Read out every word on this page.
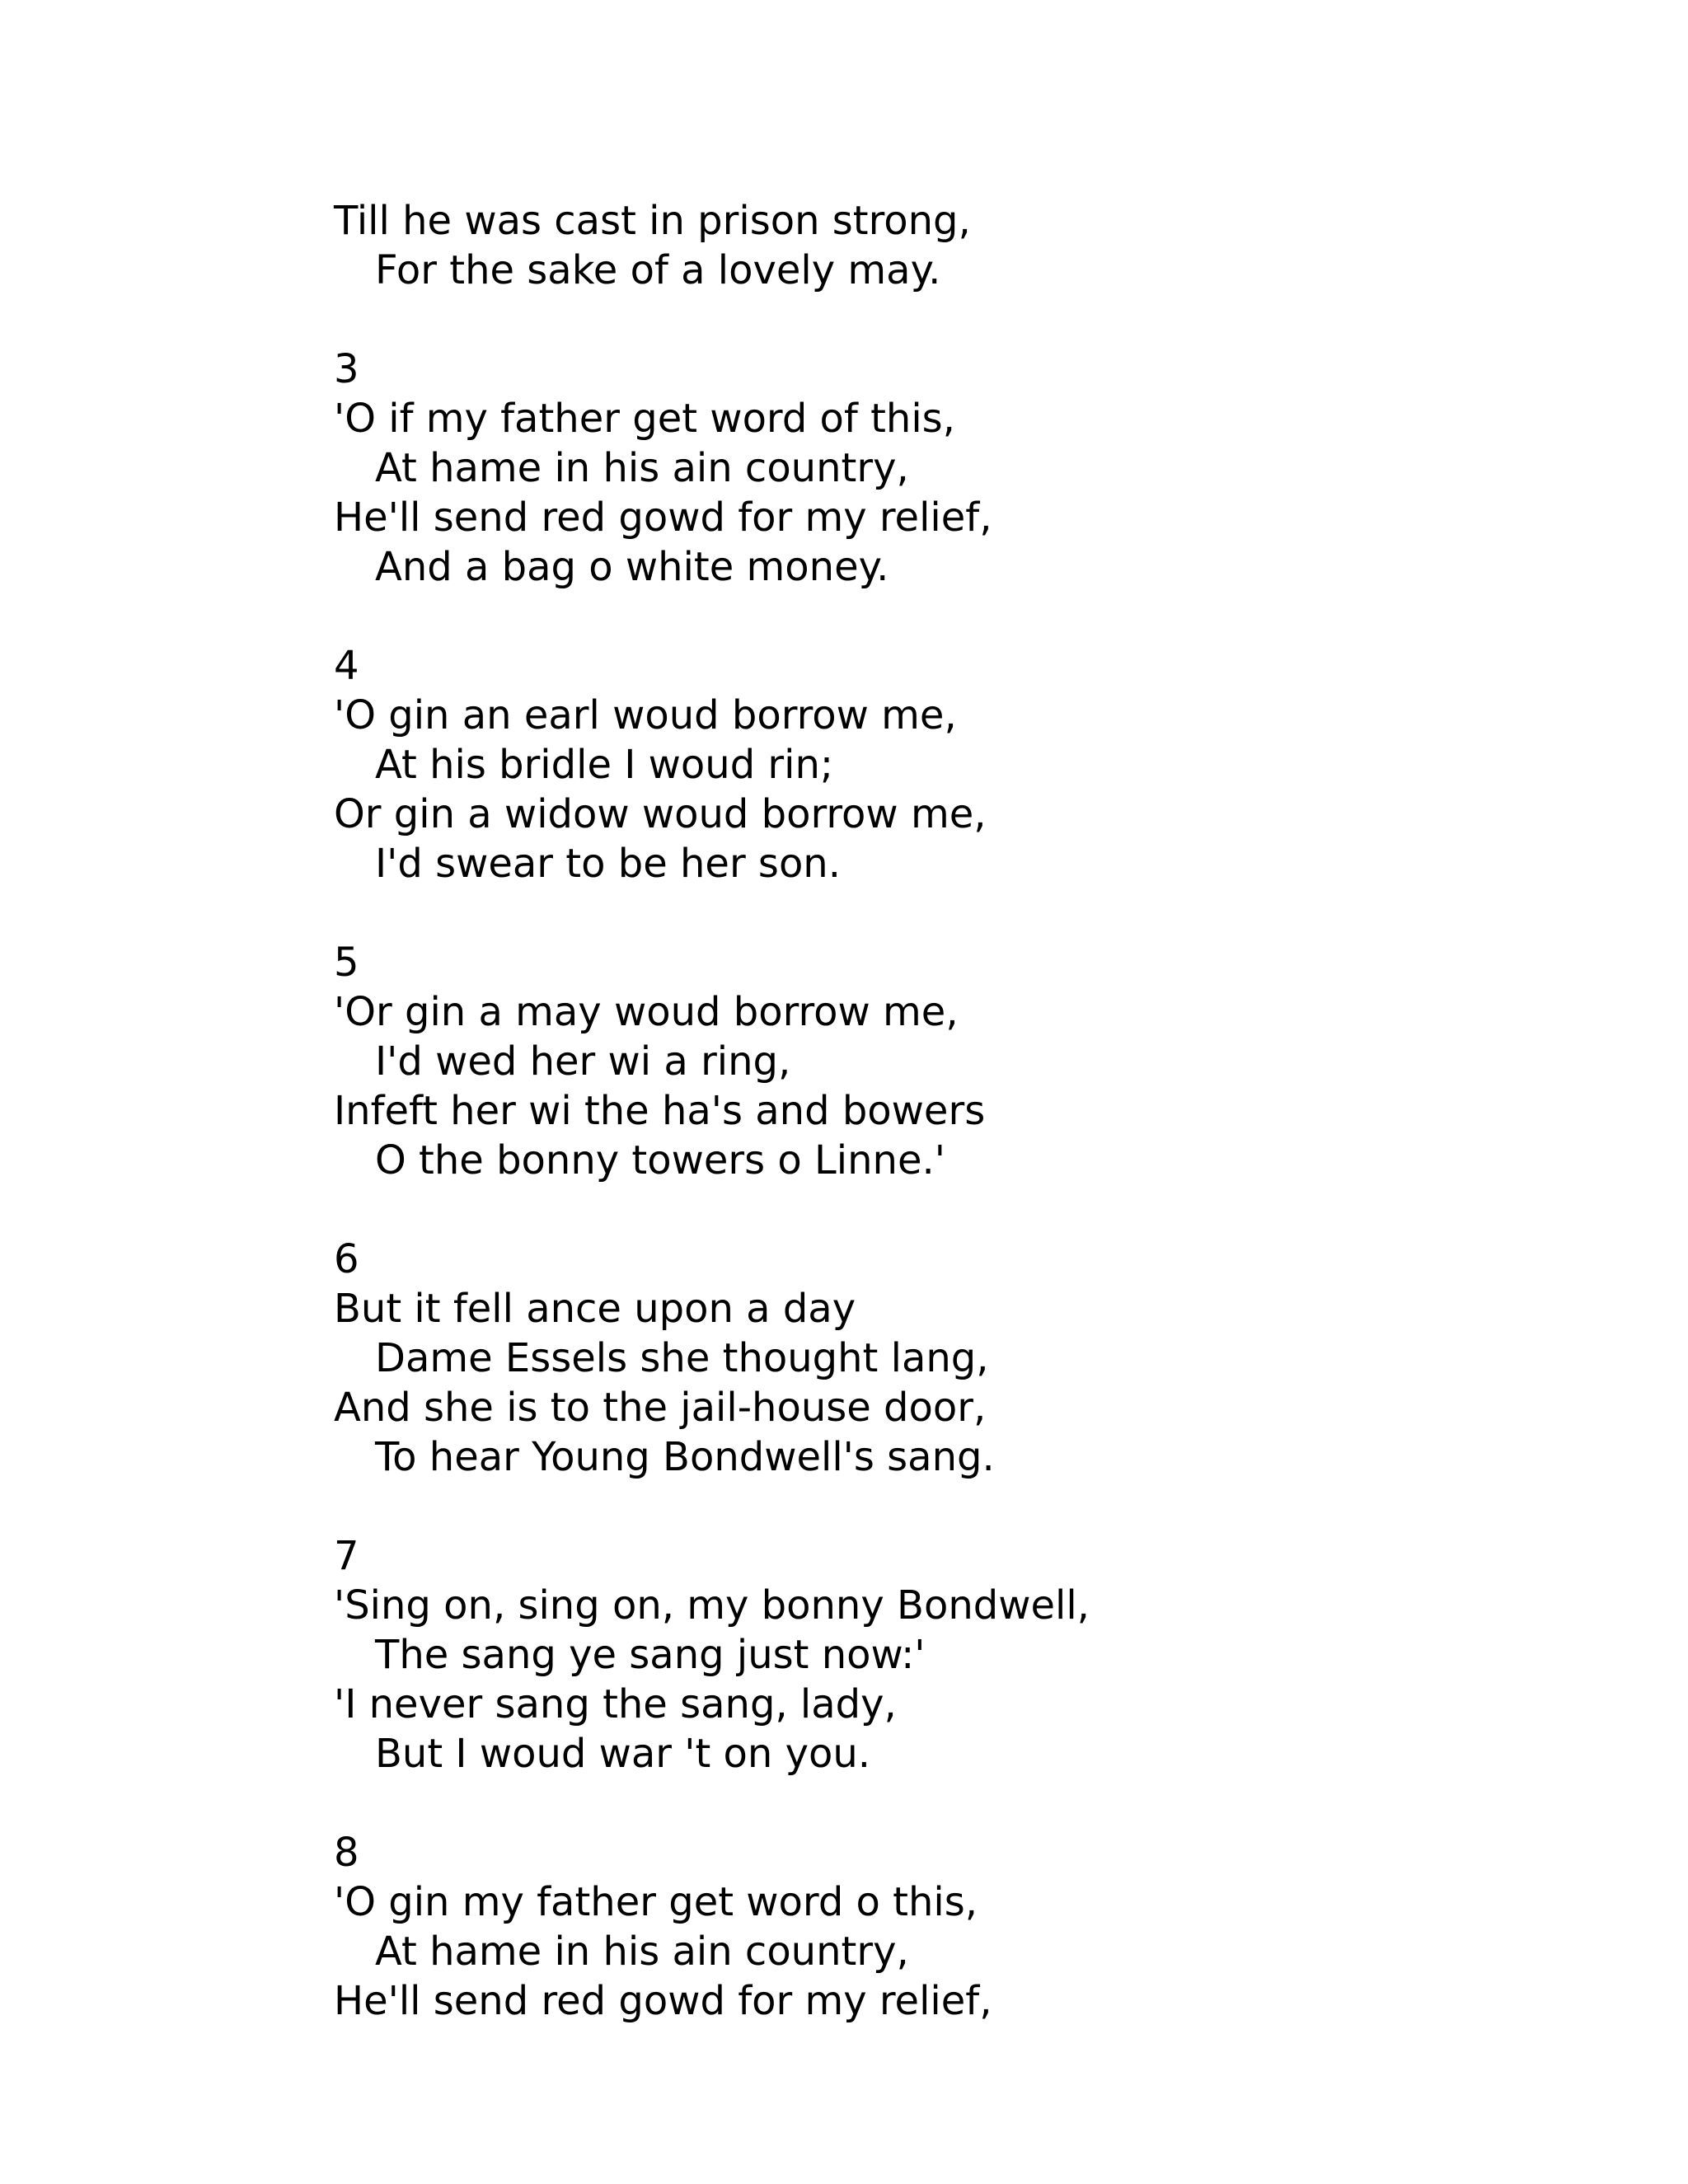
Till he was cast in prison strong,
For the sake of a lovely may.
3
'O if my father get word of this,
At hame in his ain country,
He'll send red gowd for my relief,
And a bag o white money.
4
'O gin an earl woud borrow me,
At his bridle I woud rin;
Or gin a widow woud borrow me,
I'd swear to be her son.
5
'Or gin a may woud borrow me,
I'd wed her wi a ring,
Infeft her wi the ha's and bowers
O the bonny towers o Linne.'
6
But it fell ance upon a day
Dame Essels she thought lang,
And she is to the jail-house door,
To hear Young Bondwell's sang.
7
'Sing on, sing on, my bonny Bondwell,
The sang ye sang just now:'
'I never sang the sang, lady,
But I woud war 't on you.
8
'O gin my father get word o this,
At hame in his ain country,
He'll send red gowd for my relief,
